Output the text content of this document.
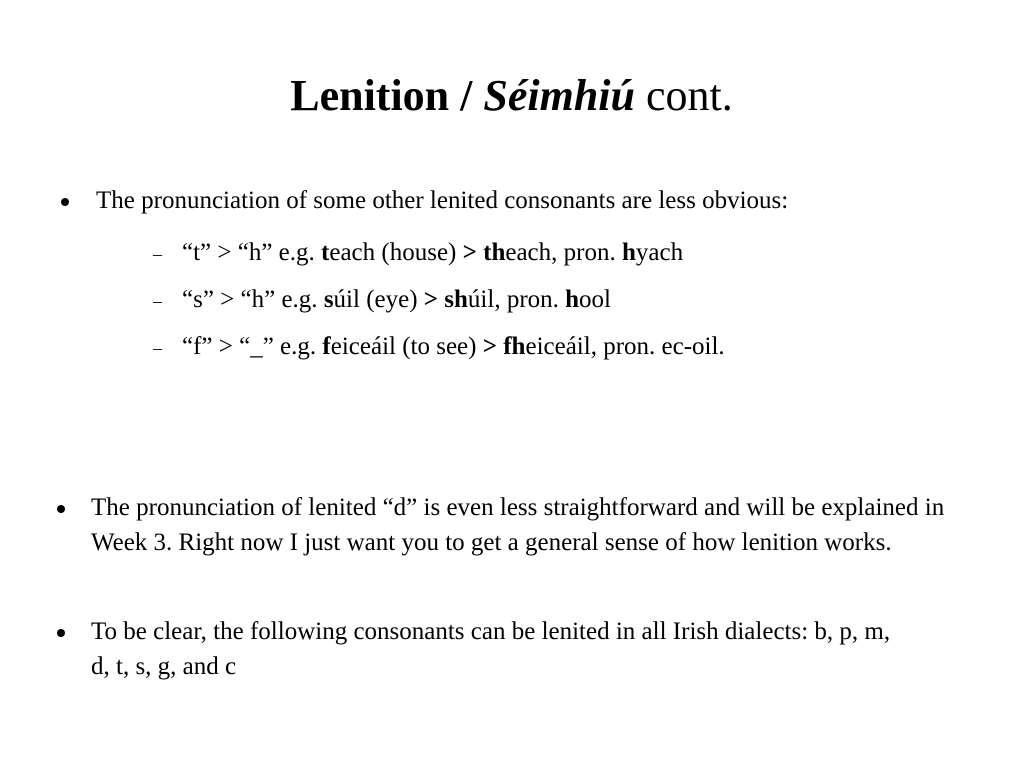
Lenition / Séimhiú cont.

The pronunciation of some other lenited consonants are less obvious:

– “t” > “h” e.g. teach (house) > theach, pron. hyach
– “s” > “h” e.g. súil (eye) > shúil, pron. hool
– “f” > “_” e.g. feiceáil (to see) > fheiceáil, pron. ec-oil.

The pronunciation of lenited “d” is even less straightforward and will be explained in Week 3. Right now I just want you to get a general sense of how lenition works.

To be clear, the following consonants can be lenited in all Irish dialects: b, p, m, d, t, s, g, and c
